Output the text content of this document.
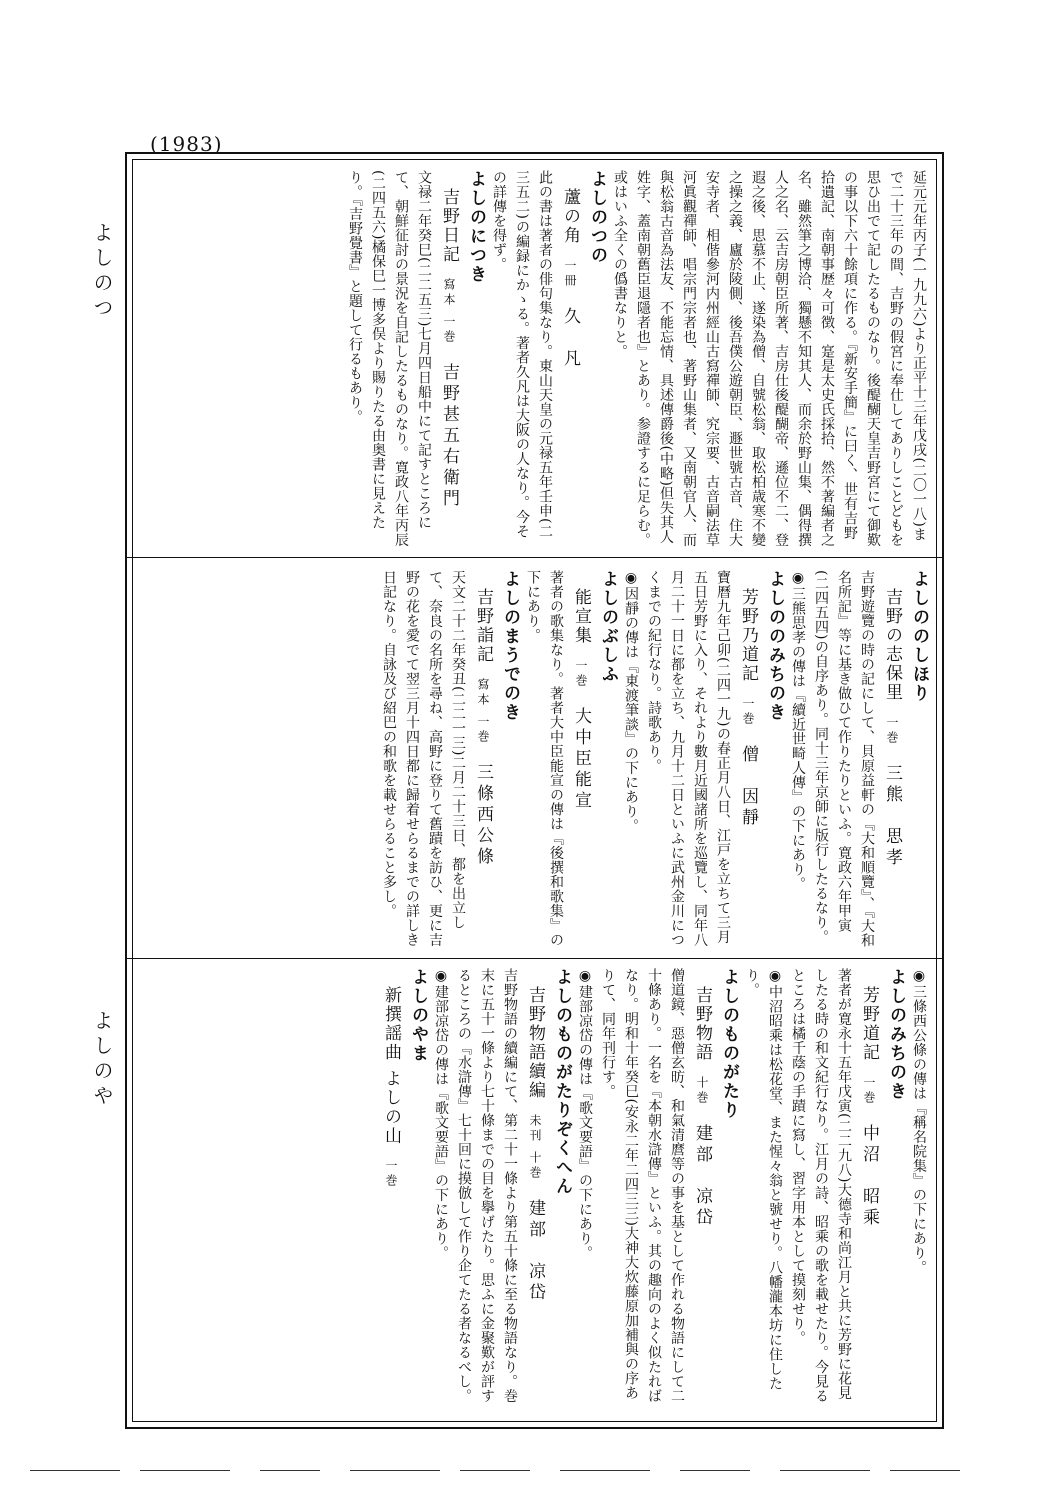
(1983)
よしのつ
よしのや
延元元年丙子(一九九六)より正平十三年戊戌(二〇一八)まで二十三年の間、吉野の假宮に奉仕してありしことどもを思ひ出でて記したるものなり。後醍醐天皇吉野宮にて御歎の事以下六十餘項に作る。『新安手簡』に曰く、世有吉野拾遺記、南朝事歴々可徴、寔是太史氏採拾、然不著編者之名、雖然筆之博洽、獨懸不知其人、而余於野山集、偶得撰人之名、云吉房朝臣所著、吉房仕後醍醐帝、遜位不二、登遐之後、思慕不止、遂染為僧、自號松翁、取松柏歳寒不變之操之義、廬於陵側、後吾僕公遊朝臣、遯世號古音、住大安寺者、相偕參河内州經山古寫禪師、究宗要、古音嗣法草河眞觀禪師、唱宗門宗者也、著野山集者、又南朝官人、而與松翁古音為法友、不能忘情、具述傳爵後(中略)但失其人姓字、蓋南朝舊臣退隱者也』とあり。参證するに足らむ。或はいふ全くの僞書なりと。
よしのつの
蘆の角一冊久　凡
此の書は著者の俳句集なり。東山天皇の元禄五年壬申(二三五二)の編録にかゝる。著者久凡は大阪の人なり。今その詳傳を得ず。
よしのにつき
吉野日記寫本 一巻吉野甚五右衛門
文禄二年癸巳(二二五三)七月四日船中にて記すところにて、朝鮮征討の景況を自記したるものなり。寛政八年丙辰(二四五六)橘保巳一博多俣より賜りたる由奥書に見えたり。『吉野覺書』と題して行るもあり。
よしののしほり
吉野の志保里一巻三熊　思孝
吉野遊覽の時の記にして、貝原益軒の『大和順覽』、『大和名所記』等に基き做ひて作りたりといふ。寛政六年甲寅(二四五四)の自序あり。同十三年京師に版行したるなり。
◉三熊思孝の傳は『續近世畸人傳』の下にあり。
よしののみちのき
芳野乃道記一巻僧　因靜
寶曆九年己卯(二四一九)の春正月八日、江戸を立ちて三月五日芳野に入り、それより數月近國諸所を巡覽し、同年八月二十一日に都を立ち、九月十二日といふに武州金川につくまでの紀行なり。詩歌あり。
◉因靜の傳は『東渡筆談』の下にあり。
よしのぶしふ
能宣集一巻大中臣能宣
著者の歌集なり。著者大中臣能宣の傳は『後撰和歌集』の下にあり。
よしのまうでのき
吉野詣記寫本 一巻三條西公條
天文二十二年癸丑(二二一三)二月二十三日、都を出立して、奈良の名所を尋ね、高野に登りて舊蹟を訪ひ、更に吉野の花を愛でて翌三月十四日都に歸着せらるまでの詳しき日記なり。自詠及び紹巴の和歌を載せらること多し。
◉三條西公條の傳は『稱名院集』の下にあり。
よしのみちのき
芳野道記一巻中沼　昭乘
著者が寛永十五年戊寅(二二九八)大德寺和尚江月と共に芳野に花見したる時の和文紀行なり。江月の詩、昭乘の歌を載せたり。今見るところは橘千蔭の手蹟に寫し、習字用本として摸刻せり。
◉中沼昭乘は松花堂、また惺々翁と號せり。八幡瀧本坊に住したり。
よしのものがたり
吉野物語十巻建部　凉岱
僧道鏡、惡僧玄昉、和氣清麿等の事を基として作れる物語にして二十條あり。一名を『本朝水滸傳』といふ。其の趣向のよく似たればなり。明和十年癸巳(安永二年二四三三)大神大炊藤原加補與の序ありて、同年刊行す。
◉建部凉岱の傳は『歌文要語』の下にあり。
よしのものがたりぞくへん
吉野物語續編未刊 十巻建部　凉岱
吉野物語の續編にて、第二十一條より第五十條に至る物語なり。巻末に五十一條より七十條までの目を擧げたり。思ふに金聚歎が評するところの『水滸傳』七十回に摸倣して作り企てたる者なるべし。
◉建部凉岱の傳は『歌文要語』の下にあり。
よしのやま
新撰謡曲 よしの山一巻
